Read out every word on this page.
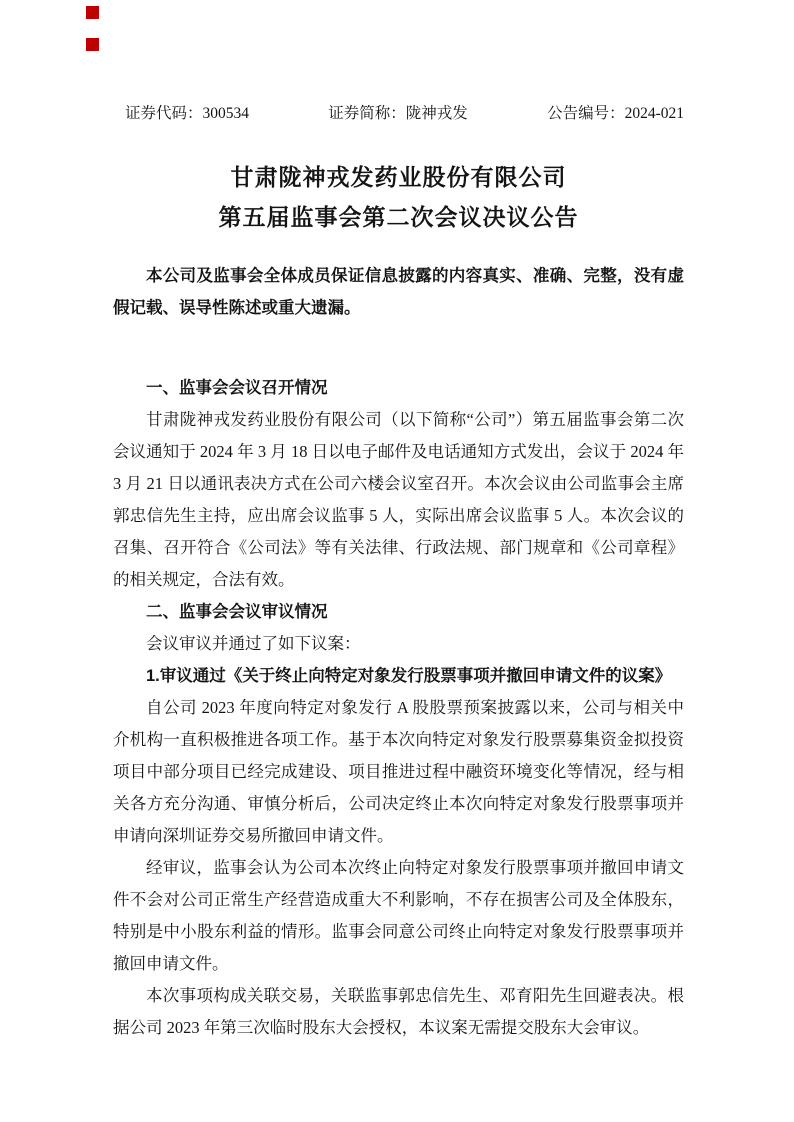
证券代码：300534	证券简称：陇神戎发	公告编号：2024-021
甘肃陇神戎发药业股份有限公司
第五届监事会第二次会议决议公告

本公司及监事会全体成员保证信息披露的内容真实、准确、完整，没有虚假记载、误导性陈述或重大遗漏。

一、监事会会议召开情况

甘肃陇神戎发药业股份有限公司（以下简称“公司”）第五届监事会第二次会议通知于 2024 年 3 月 18 日以电子邮件及电话通知方式发出，会议于 2024 年 3 月 21 日以通讯表决方式在公司六楼会议室召开。本次会议由公司监事会主席郭忠信先生主持，应出席会议监事 5 人，实际出席会议监事 5 人。本次会议的召集、召开符合《公司法》等有关法律、行政法规、部门规章和《公司章程》的相关规定，合法有效。

二、监事会会议审议情况

会议审议并通过了如下议案：

1.审议通过《关于终止向特定对象发行股票事项并撤回申请文件的议案》

自公司 2023 年度向特定对象发行 A 股股票预案披露以来，公司与相关中介机构一直积极推进各项工作。基于本次向特定对象发行股票募集资金拟投资项目中部分项目已经完成建设、项目推进过程中融资环境变化等情况，经与相关各方充分沟通、审慎分析后，公司决定终止本次向特定对象发行股票事项并申请向深圳证券交易所撤回申请文件。

经审议，监事会认为公司本次终止向特定对象发行股票事项并撤回申请文件不会对公司正常生产经营造成重大不利影响，不存在损害公司及全体股东，特别是中小股东利益的情形。监事会同意公司终止向特定对象发行股票事项并撤回申请文件。

本次事项构成关联交易，关联监事郭忠信先生、邓育阳先生回避表决。根据公司 2023 年第三次临时股东大会授权，本议案无需提交股东大会审议。
